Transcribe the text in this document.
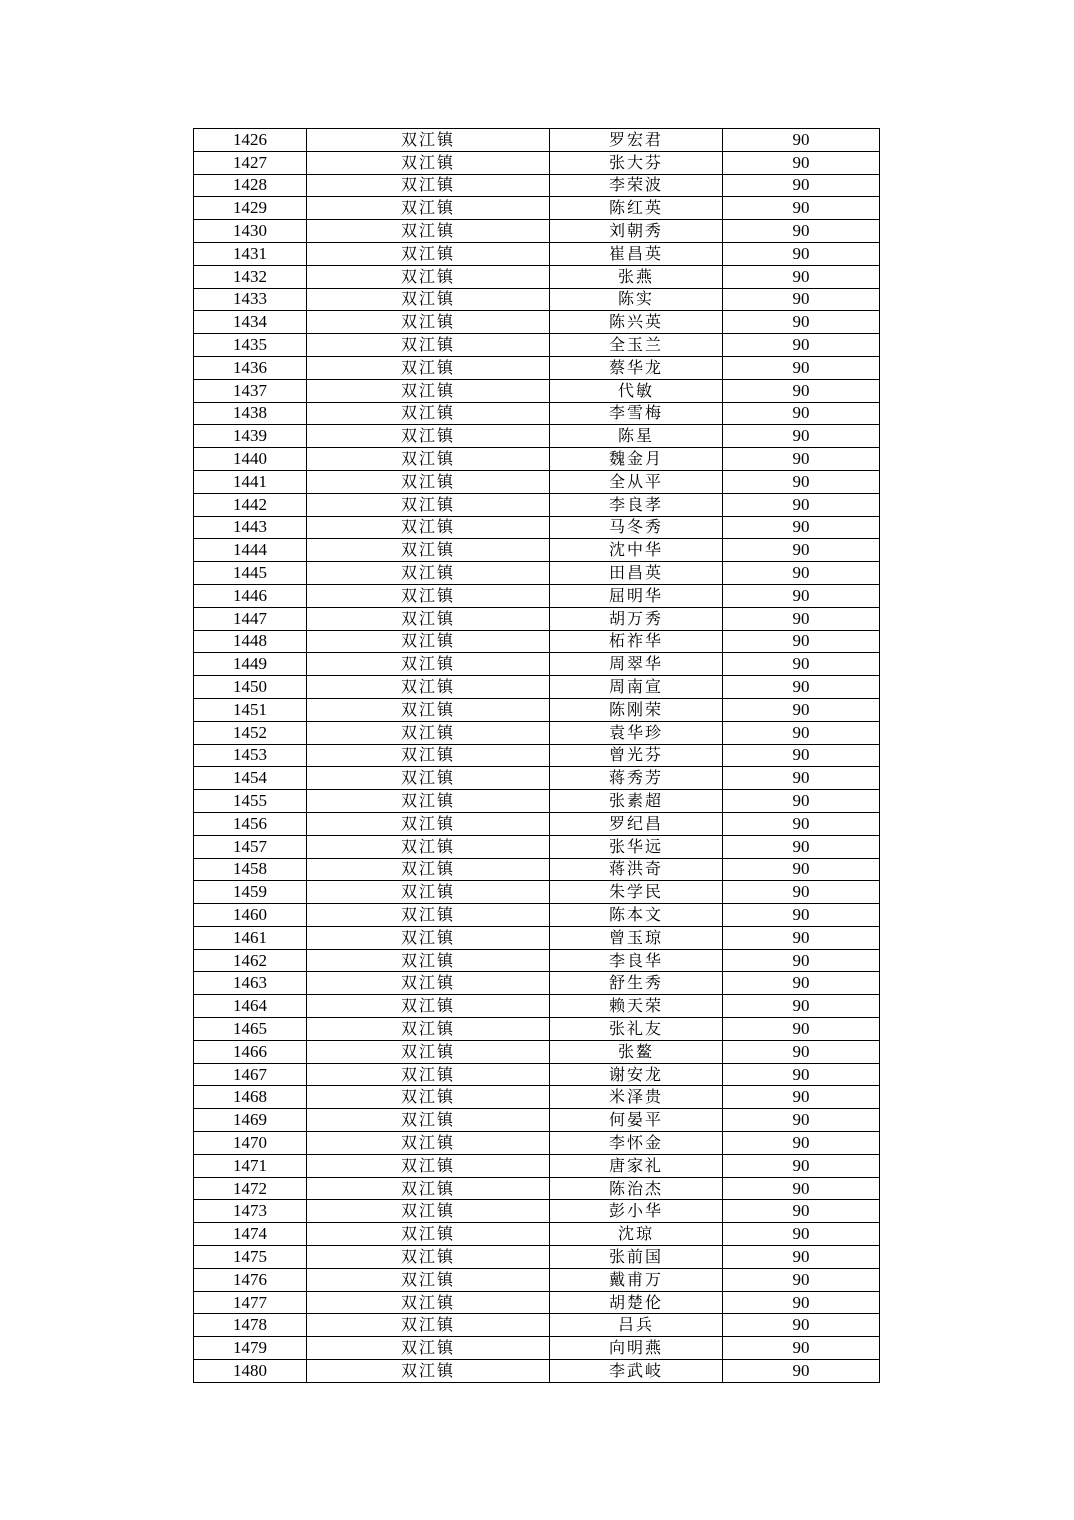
1426	双江镇	罗宏君	90
1427	双江镇	张大芬	90
1428	双江镇	李荣波	90
1429	双江镇	陈红英	90
1430	双江镇	刘朝秀	90
1431	双江镇	崔昌英	90
1432	双江镇	张燕	90
1433	双江镇	陈实	90
1434	双江镇	陈兴英	90
1435	双江镇	全玉兰	90
1436	双江镇	蔡华龙	90
1437	双江镇	代敏	90
1438	双江镇	李雪梅	90
1439	双江镇	陈星	90
1440	双江镇	魏金月	90
1441	双江镇	全从平	90
1442	双江镇	李良孝	90
1443	双江镇	马冬秀	90
1444	双江镇	沈中华	90
1445	双江镇	田昌英	90
1446	双江镇	屈明华	90
1447	双江镇	胡万秀	90
1448	双江镇	柘祚华	90
1449	双江镇	周翠华	90
1450	双江镇	周南宣	90
1451	双江镇	陈刚荣	90
1452	双江镇	袁华珍	90
1453	双江镇	曾光芬	90
1454	双江镇	蒋秀芳	90
1455	双江镇	张素超	90
1456	双江镇	罗纪昌	90
1457	双江镇	张华远	90
1458	双江镇	蒋洪奇	90
1459	双江镇	朱学民	90
1460	双江镇	陈本文	90
1461	双江镇	曾玉琼	90
1462	双江镇	李良华	90
1463	双江镇	舒生秀	90
1464	双江镇	赖天荣	90
1465	双江镇	张礼友	90
1466	双江镇	张鳌	90
1467	双江镇	谢安龙	90
1468	双江镇	米泽贵	90
1469	双江镇	何晏平	90
1470	双江镇	李怀金	90
1471	双江镇	唐家礼	90
1472	双江镇	陈治杰	90
1473	双江镇	彭小华	90
1474	双江镇	沈琼	90
1475	双江镇	张前国	90
1476	双江镇	戴甫万	90
1477	双江镇	胡楚伦	90
1478	双江镇	吕兵	90
1479	双江镇	向明燕	90
1480	双江镇	李武岐	90
